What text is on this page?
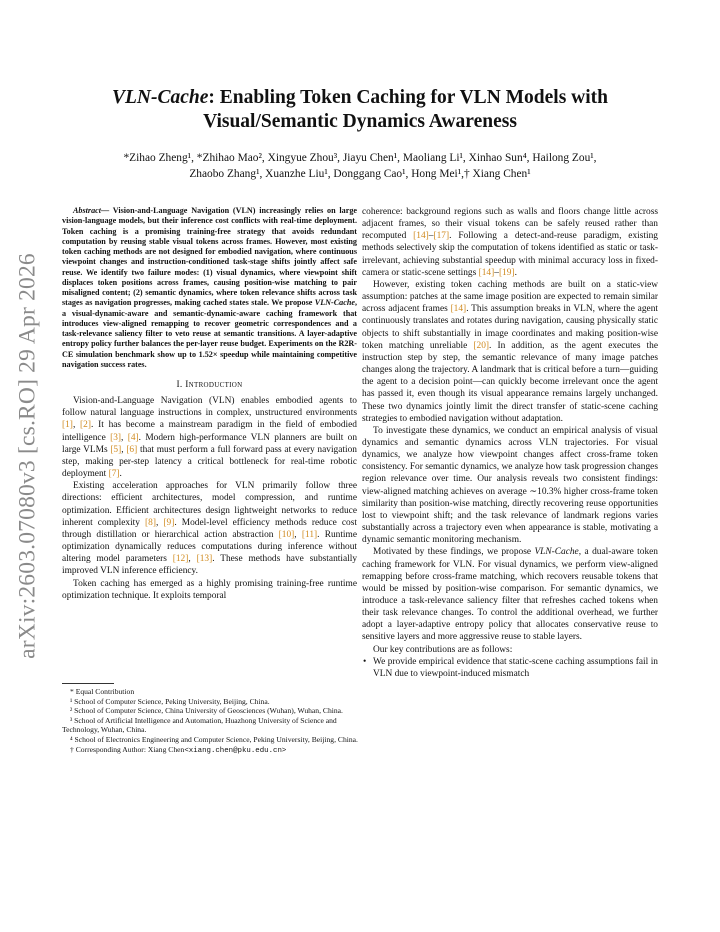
arXiv:2603.07080v3 [cs.RO] 29 Apr 2026
VLN-Cache: Enabling Token Caching for VLN Models with
Visual/Semantic Dynamics Awareness
*Zihao Zheng¹, *Zhihao Mao², Xingyue Zhou³, Jiayu Chen¹, Maoliang Li¹, Xinhao Sun⁴, Hailong Zou¹,
Zhaobo Zhang¹, Xuanzhe Liu¹, Donggang Cao¹, Hong Mei¹,† Xiang Chen¹

Abstract— Vision-and-Language Navigation (VLN) increasingly relies on large vision-language models, but their inference cost conflicts with real-time deployment. Token caching is a promising training-free strategy that avoids redundant computation by reusing stable visual tokens across frames. However, most existing token caching methods are not designed for embodied navigation, where continuous viewpoint changes and instruction-conditioned task-stage shifts jointly affect safe reuse. We identify two failure modes: (1) visual dynamics, where viewpoint shift displaces token positions across frames, causing position-wise matching to pair misaligned content; (2) semantic dynamics, where token relevance shifts across task stages as navigation progresses, making cached states stale. We propose VLN-Cache, a visual-dynamic-aware and semantic-dynamic-aware caching framework that introduces view-aligned remapping to recover geometric correspondences and a task-relevance saliency filter to veto reuse at semantic transitions. A layer-adaptive entropy policy further balances the per-layer reuse budget. Experiments on the R2R-CE simulation benchmark show up to 1.52× speedup while maintaining competitive navigation success rates.

I. Introduction

Vision-and-Language Navigation (VLN) enables embodied agents to follow natural language instructions in complex, unstructured environments [1], [2]. It has become a mainstream paradigm in the field of embodied intelligence [3], [4]. Modern high-performance VLN planners are built on large VLMs [5], [6] that must perform a full forward pass at every navigation step, making per-step latency a critical bottleneck for real-time robotic deployment [7].

Existing acceleration approaches for VLN primarily follow three directions: efficient architectures, model compression, and runtime optimization. Efficient architectures design lightweight networks to reduce inherent complexity [8], [9]. Model-level efficiency methods reduce cost through distillation or hierarchical action abstraction [10], [11]. Runtime optimization dynamically reduces computations during inference without altering model parameters [12], [13]. These methods have substantially improved VLN inference efficiency.

Token caching has emerged as a highly promising training-free runtime optimization technique. It exploits temporal

* Equal Contribution
¹ School of Computer Science, Peking University, Beijing, China.
² School of Computer Science, China University of Geosciences (Wuhan), Wuhan, China.
³ School of Artificial Intelligence and Automation, Huazhong University of Science and Technology, Wuhan, China.
⁴ School of Electronics Engineering and Computer Science, Peking University, Beijing, China.
† Corresponding Author: Xiang Chen<xiang.chen@pku.edu.cn>

coherence: background regions such as walls and floors change little across adjacent frames, so their visual tokens can be safely reused rather than recomputed [14]–[17]. Following a detect-and-reuse paradigm, existing methods selectively skip the computation of tokens identified as static or task-irrelevant, achieving substantial speedup with minimal accuracy loss in fixed-camera or static-scene settings [14]–[19].

However, existing token caching methods are built on a static-view assumption: patches at the same image position are expected to remain similar across adjacent frames [14]. This assumption breaks in VLN, where the agent continuously translates and rotates during navigation, causing physically static objects to shift substantially in image coordinates and making position-wise token matching unreliable [20]. In addition, as the agent executes the instruction step by step, the semantic relevance of many image patches changes along the trajectory. A landmark that is critical before a turn—guiding the agent to a decision point—can quickly become irrelevant once the agent has passed it, even though its visual appearance remains largely unchanged. These two dynamics jointly limit the direct transfer of static-scene caching strategies to embodied navigation without adaptation.

To investigate these dynamics, we conduct an empirical analysis of visual dynamics and semantic dynamics across VLN trajectories. For visual dynamics, we analyze how viewpoint changes affect cross-frame token consistency. For semantic dynamics, we analyze how task progression changes region relevance over time. Our analysis reveals two consistent findings: view-aligned matching achieves on average ∼10.3% higher cross-frame token similarity than position-wise matching, directly recovering reuse opportunities lost to viewpoint shift; and the task relevance of landmark regions varies substantially across a trajectory even when appearance is stable, motivating a dynamic semantic monitoring mechanism.

Motivated by these findings, we propose VLN-Cache, a dual-aware token caching framework for VLN. For visual dynamics, we perform view-aligned remapping before cross-frame matching, which recovers reusable tokens that would be missed by position-wise comparison. For semantic dynamics, we introduce a task-relevance saliency filter that refreshes cached tokens when their task relevance changes. To control the additional overhead, we further adopt a layer-adaptive entropy policy that allocates conservative reuse to sensitive layers and more aggressive reuse to stable layers.

Our key contributions are as follows:

• We provide empirical evidence that static-scene caching assumptions fail in VLN due to viewpoint-induced mismatch
